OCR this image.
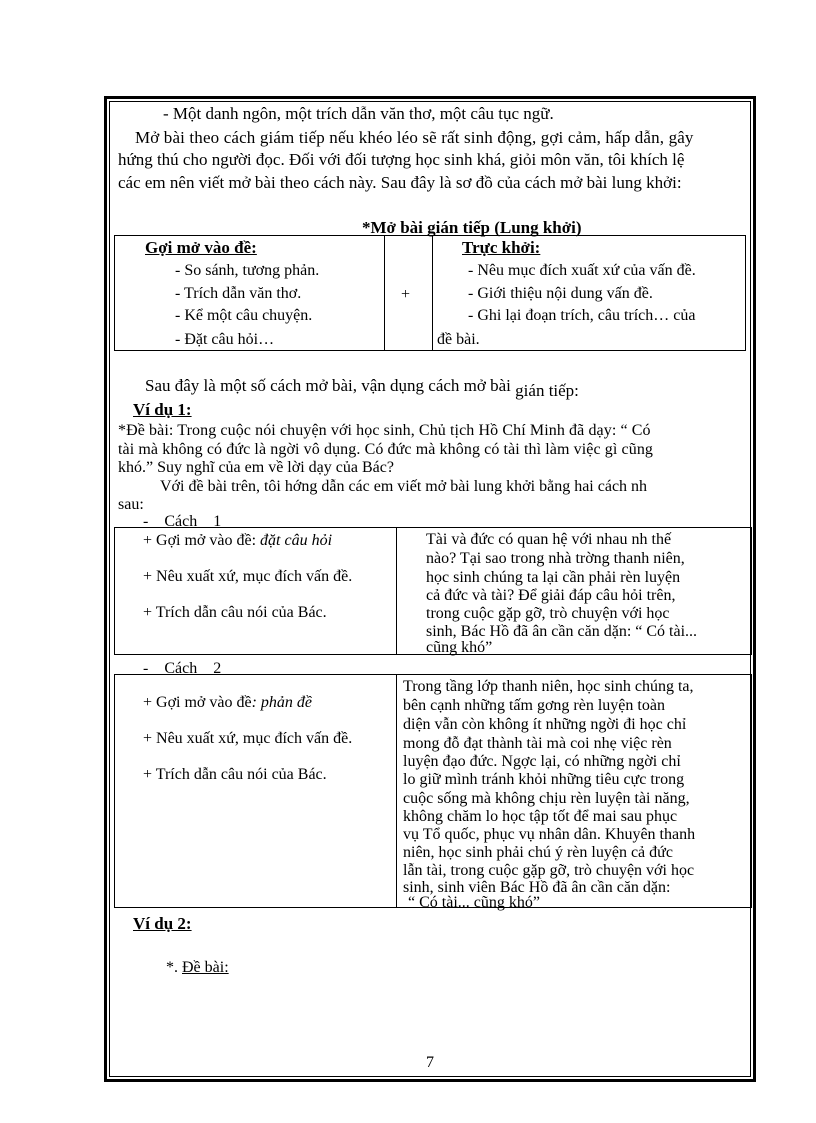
- Một danh ngôn, một trích dẫn văn thơ, một câu tục ngữ.
Mở bài theo cách giám tiếp nếu khéo léo sẽ rất sinh động, gợi cảm, hấp dẫn, gây
hứng thú cho người đọc. Đối với đối tượng học sinh khá, giỏi môn văn, tôi khích lệ
các em nên viết mở bài theo cách này. Sau đây là sơ đồ của cách mở bài lung khởi:
*Mở bài gián tiếp (Lung khởi)
Gợi mở vào đề:
- So sánh, tương phản.
- Trích dẫn văn thơ.
- Kể một câu chuyện.
- Đặt câu hỏi…
+
Trực khởi:
- Nêu mục đích xuất xứ của vấn đề.
- Giới thiệu nội dung vấn đề.
- Ghi lại đoạn trích, câu trích… của
đề bài.
Sau đây là một số cách mở bài, vận dụng cách mở bài gián tiếp:
Ví dụ 1:
*Đề bài: Trong cuộc nói chuyện với học sinh, Chủ tịch Hồ Chí Minh đã dạy: “ Có
tài mà không có đức là ngời vô dụng. Có đức mà không có tài thì làm việc gì cũng
khó.” Suy nghĩ của em về lời dạy của Bác?
Với đề bài trên, tôi hớng dẫn các em viết mở bài lung khởi bằng hai cách nh
sau:
- Cách 1
+ Gợi mở vào đề: đặt câu hỏi
+ Nêu xuất xứ, mục đích vấn đề.
+ Trích dẫn câu nói của Bác.
Tài và đức có quan hệ với nhau nh thế
nào? Tại sao trong nhà trờng thanh niên,
học sinh chúng ta lại cần phải rèn luyện
cả đức và tài? Để giải đáp câu hỏi trên,
trong cuộc gặp gỡ, trò chuyện với học
sinh, Bác Hồ đã ân cần căn dặn: “ Có tài...
cũng khó”
- Cách 2
+ Gợi mở vào đề: phản đề
+ Nêu xuất xứ, mục đích vấn đề.
+ Trích dẫn câu nói của Bác.
Trong tầng lớp thanh niên, học sinh chúng ta,
bên cạnh những tấm gơng rèn luyện toàn
diện vẫn còn không ít những ngời đi học chỉ
mong đỗ đạt thành tài mà coi nhẹ việc rèn
luyện đạo đức. Ngợc lại, có những ngời chỉ
lo giữ mình tránh khỏi những tiêu cực trong
cuộc sống mà không chịu rèn luyện tài năng,
không chăm lo học tập tốt để mai sau phục
vụ Tổ quốc, phục vụ nhân dân. Khuyên thanh
niên, học sinh phải chú ý rèn luyện cả đức
lẫn tài, trong cuộc gặp gỡ, trò chuyện với học
sinh, sinh viên Bác Hồ đã ân cần căn dặn:
“ Có tài... cũng khó”
Ví dụ 2:
*. Đề bài:
7
